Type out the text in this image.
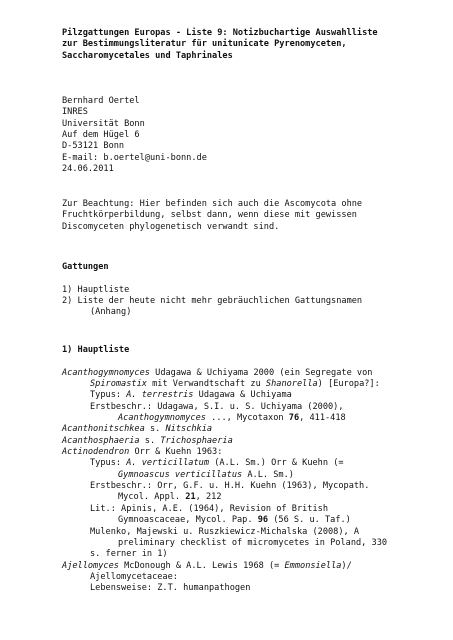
Pilzgattungen Europas - Liste 9: Notizbuchartige Auswahlliste
zur Bestimmungsliteratur für unitunicate Pyrenomyceten,
Saccharomycetales und Taphrinales
Bernhard Oertel
INRES
Universität Bonn
Auf dem Hügel 6
D-53121 Bonn
E-mail: b.oertel@uni-bonn.de
24.06.2011
Zur Beachtung: Hier befinden sich auch die Ascomycota ohne
Fruchtkörperbildung, selbst dann, wenn diese mit gewissen
Discomyceten phylogenetisch verwandt sind.
Gattungen
1) Hauptliste
2) Liste der heute nicht mehr gebräuchlichen Gattungsnamen
(Anhang)
1) Hauptliste
Acanthogymnomyces Udagawa & Uchiyama 2000 (ein Segregate von
Spiromastix mit Verwandtschaft zu Shanorella) [Europa?]:
Typus: A. terrestris Udagawa & Uchiyama
Erstbeschr.: Udagawa, S.I. u. S. Uchiyama (2000),
Acanthogymnomyces ..., Mycotaxon 76, 411-418
Acanthonitschkea s. Nitschkia
Acanthosphaeria s. Trichosphaeria
Actinodendron Orr & Kuehn 1963:
Typus: A. verticillatum (A.L. Sm.) Orr & Kuehn (=
Gymnoascus verticillatus A.L. Sm.)
Erstbeschr.: Orr, G.F. u. H.H. Kuehn (1963), Mycopath.
Mycol. Appl. 21, 212
Lit.: Apinis, A.E. (1964), Revision of British
Gymnoascaceae, Mycol. Pap. 96 (56 S. u. Taf.)
Mulenko, Majewski u. Ruszkiewicz-Michalska (2008), A
preliminary checklist of micromycetes in Poland, 330
s. ferner in 1)
Ajellomyces McDonough & A.L. Lewis 1968 (= Emmonsiella)/
Ajellomycetaceae:
Lebensweise: Z.T. humanpathogen
